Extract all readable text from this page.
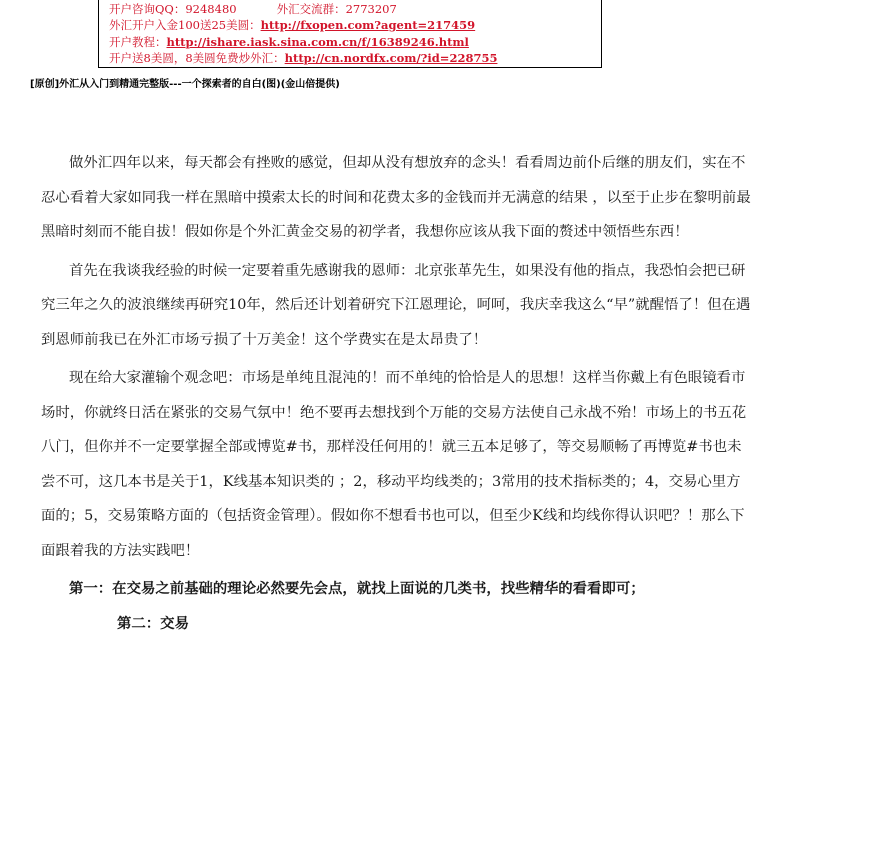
开户咨询QQ：9248480	外汇交流群：2773207
外汇开户入金100送25美圆：http://fxopen.com?agent=217459
开户教程：http://ishare.iask.sina.com.cn/f/16389246.html
开户送8美圆，8美圆免费炒外汇：http://cn.nordfx.com/?id=228755
[原创]外汇从入门到精通完整版---一个探索者的自白(图)(金山倍提供)

做外汇四年以来，每天都会有挫败的感觉，但却从没有想放弃的念头！看看周边前仆后继的朋友们，实在不忍心看着大家如同我一样在黑暗中摸索太长的时间和花费太多的金钱而并无满意的结果 ，以至于止步在黎明前最黑暗时刻而不能自拔！假如你是个外汇黄金交易的初学者，我想你应该从我下面的赘述中领悟些东西！

首先在我谈我经验的时候一定要着重先感谢我的恩师：北京张革先生，如果没有他的指点，我恐怕会把已研究三年之久的波浪继续再研究10年，然后还计划着研究下江恩理论，呵呵，我庆幸我这么“早”就醒悟了！但在遇到恩师前我已在外汇市场亏损了十万美金！这个学费实在是太昂贵了！

现在给大家灌输个观念吧：市场是单纯且混沌的！而不单纯的恰恰是人的思想！这样当你戴上有色眼镜看市场时，你就终日活在紧张的交易气氛中！绝不要再去想找到个万能的交易方法使自己永战不殆！市场上的书五花八门，但你并不一定要掌握全部或博览#书，那样没任何用的！就三五本足够了，等交易顺畅了再博览#书也未尝不可，这几本书是关于1，K线基本知识类的 ；2，移动平均线类的；3常用的技术指标类的；4，交易心里方面的；5，交易策略方面的（包括资金管理）。假如你不想看书也可以，但至少K线和均线你得认识吧？！那么下面跟着我的方法实践吧！

第一：在交易之前基础的理论必然要先会点，就找上面说的几类书，找些精华的看看即可；

第二：交易
